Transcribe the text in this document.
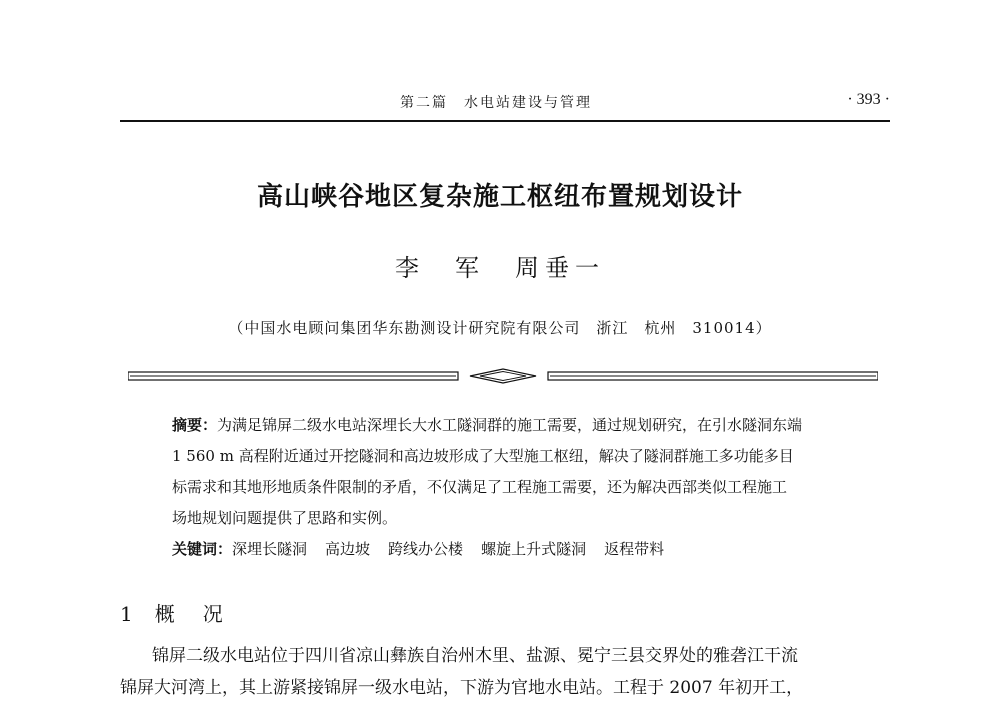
第二篇　水电站建设与管理	· 393 ·
高山峡谷地区复杂施工枢纽布置规划设计
李　军　周垂一
（中国水电顾问集团华东勘测设计研究院有限公司　浙江　杭州　310014）
摘要：为满足锦屏二级水电站深埋长大水工隧洞群的施工需要，通过规划研究，在引水隧洞东端
1 560 m 高程附近通过开挖隧洞和高边坡形成了大型施工枢纽，解决了隧洞群施工多功能多目
标需求和其地形地质条件限制的矛盾，不仅满足了工程施工需要，还为解决西部类似工程施工
场地规划问题提供了思路和实例。
关键词：深埋长隧洞 高边坡 跨线办公楼 螺旋上升式隧洞 返程带料
1 概　况
锦屏二级水电站位于四川省凉山彝族自治州木里、盐源、冕宁三县交界处的雅砻江干流
锦屏大河湾上，其上游紧接锦屏一级水电站，下游为官地水电站。工程于 2007 年初开工，
